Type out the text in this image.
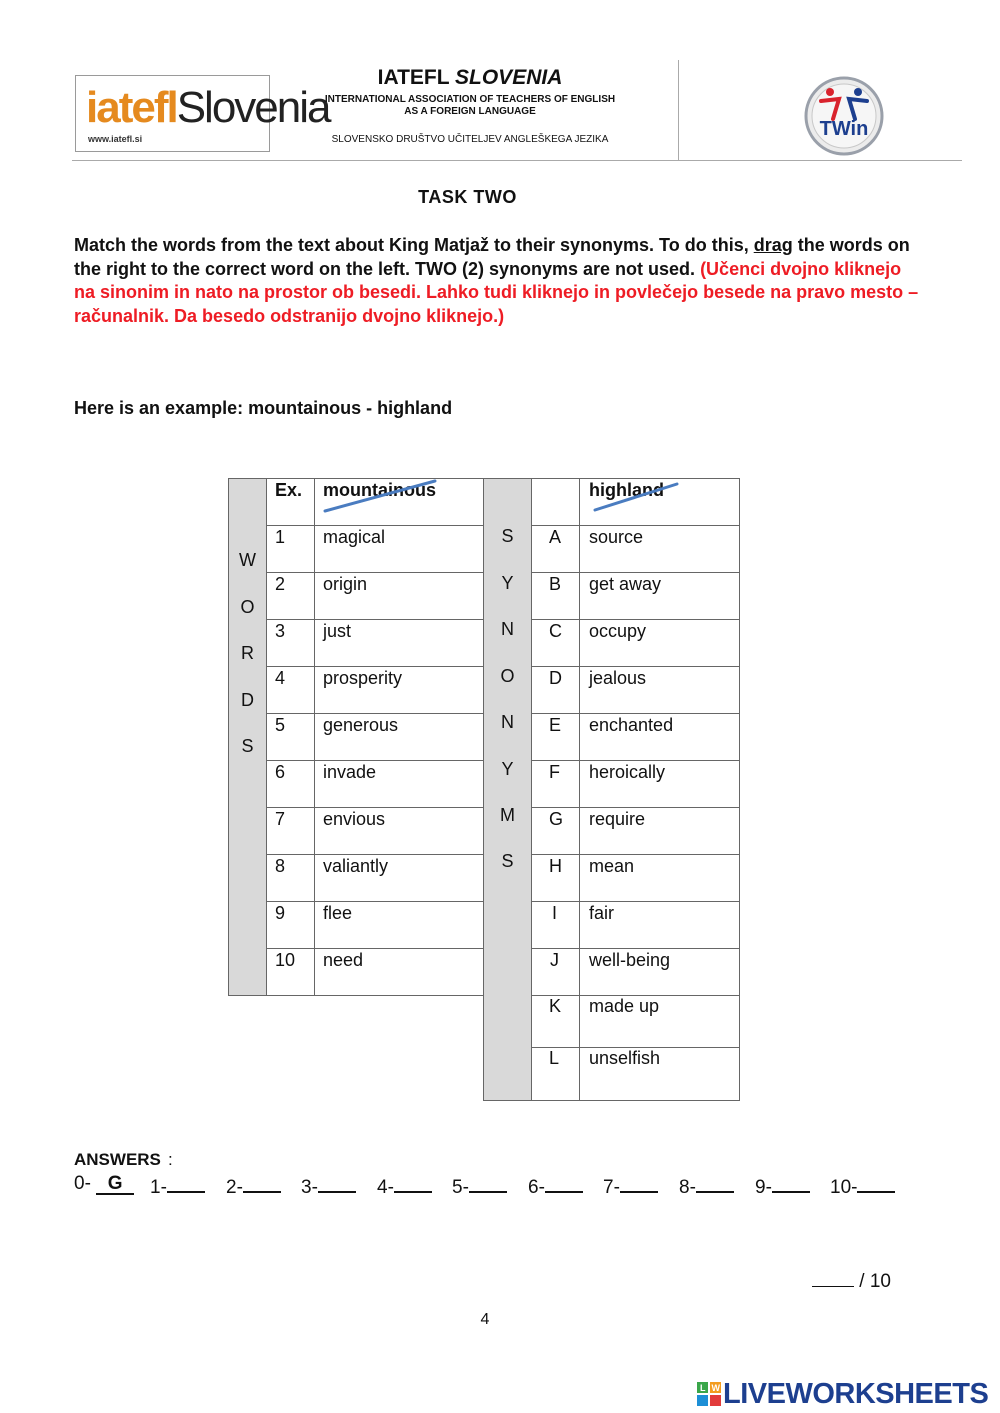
iateflSlovenia
www.iatefl.si
IATEFL SLOVENIA
INTERNATIONAL ASSOCIATION OF TEACHERS OF ENGLISH
AS A FOREIGN LANGUAGE
SLOVENSKO DRUŠTVO UČITELJEV ANGLEŠKEGA JEZIKA	TWin
TASK TWO
Match the words from the text about King Matjaž to their synonyms. To do this, drag the words on the right to the correct word on the left. TWO (2) synonyms are not used. (Učenci dvojno kliknejo na sinonim in nato na prostor ob besedi. Lahko tudi kliknejo in povlečejo besede na pravo mesto – računalnik. Da besedo odstranijo dvojno kliknejo.)
Here is an example: mountainous - highland
W
O
R
D
S
Ex. mountainous
1 magical
2 origin
3 just
4 prosperity
5 generous
6 invade
7 envious
8 valiantly
9 flee
10 need
S
Y
N
O
N
Y
M
S
highland
A source
B get away
C occupy
D jealous
E enchanted
F heroically
G require
H mean
I fair
J well-being
K made up
L unselfish
ANSWERS :
0- G	1-	2-	3-	4-	5-	6-	7-	8-	9-	10-
/ 10
4
L W LIVEWORKSHEETS
